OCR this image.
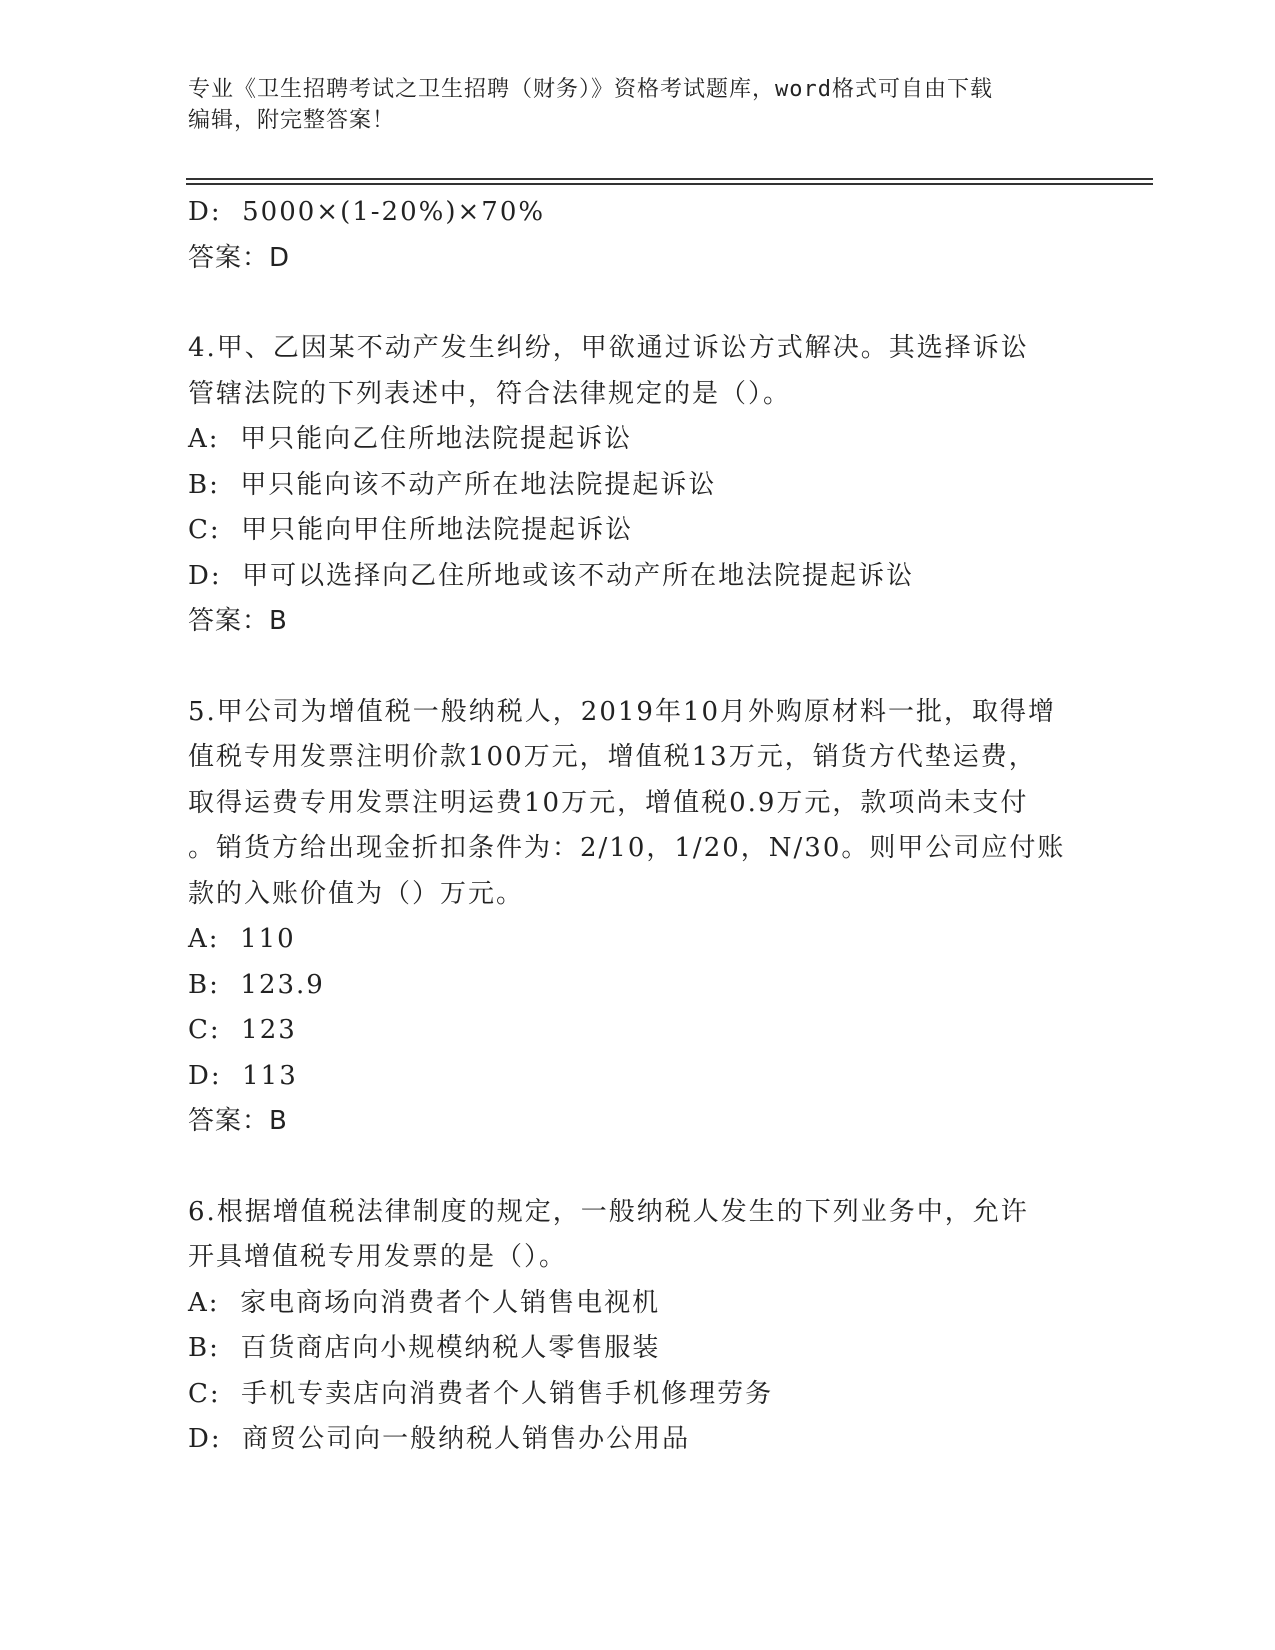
专业《卫生招聘考试之卫生招聘（财务）》资格考试题库，word格式可自由下载
编辑，附完整答案！
D:  5000×(1-20%)×70%
答案：D
4.甲、乙因某不动产发生纠纷，甲欲通过诉讼方式解决。其选择诉讼
管辖法院的下列表述中，符合法律规定的是（）。
A:  甲只能向乙住所地法院提起诉讼
B:  甲只能向该不动产所在地法院提起诉讼
C:  甲只能向甲住所地法院提起诉讼
D:  甲可以选择向乙住所地或该不动产所在地法院提起诉讼
答案：B
5.甲公司为增值税一般纳税人，2019年10月外购原材料一批，取得增
值税专用发票注明价款100万元，增值税13万元，销货方代垫运费，
取得运费专用发票注明运费10万元，增值税0.9万元，款项尚未支付
。销货方给出现金折扣条件为：2/10，1/20，N/30。则甲公司应付账
款的入账价值为（）万元。
A:  110
B:  123.9
C:  123
D:  113
答案：B
6.根据增值税法律制度的规定，一般纳税人发生的下列业务中，允许
开具增值税专用发票的是（）。
A:  家电商场向消费者个人销售电视机
B:  百货商店向小规模纳税人零售服装
C:  手机专卖店向消费者个人销售手机修理劳务
D:  商贸公司向一般纳税人销售办公用品
